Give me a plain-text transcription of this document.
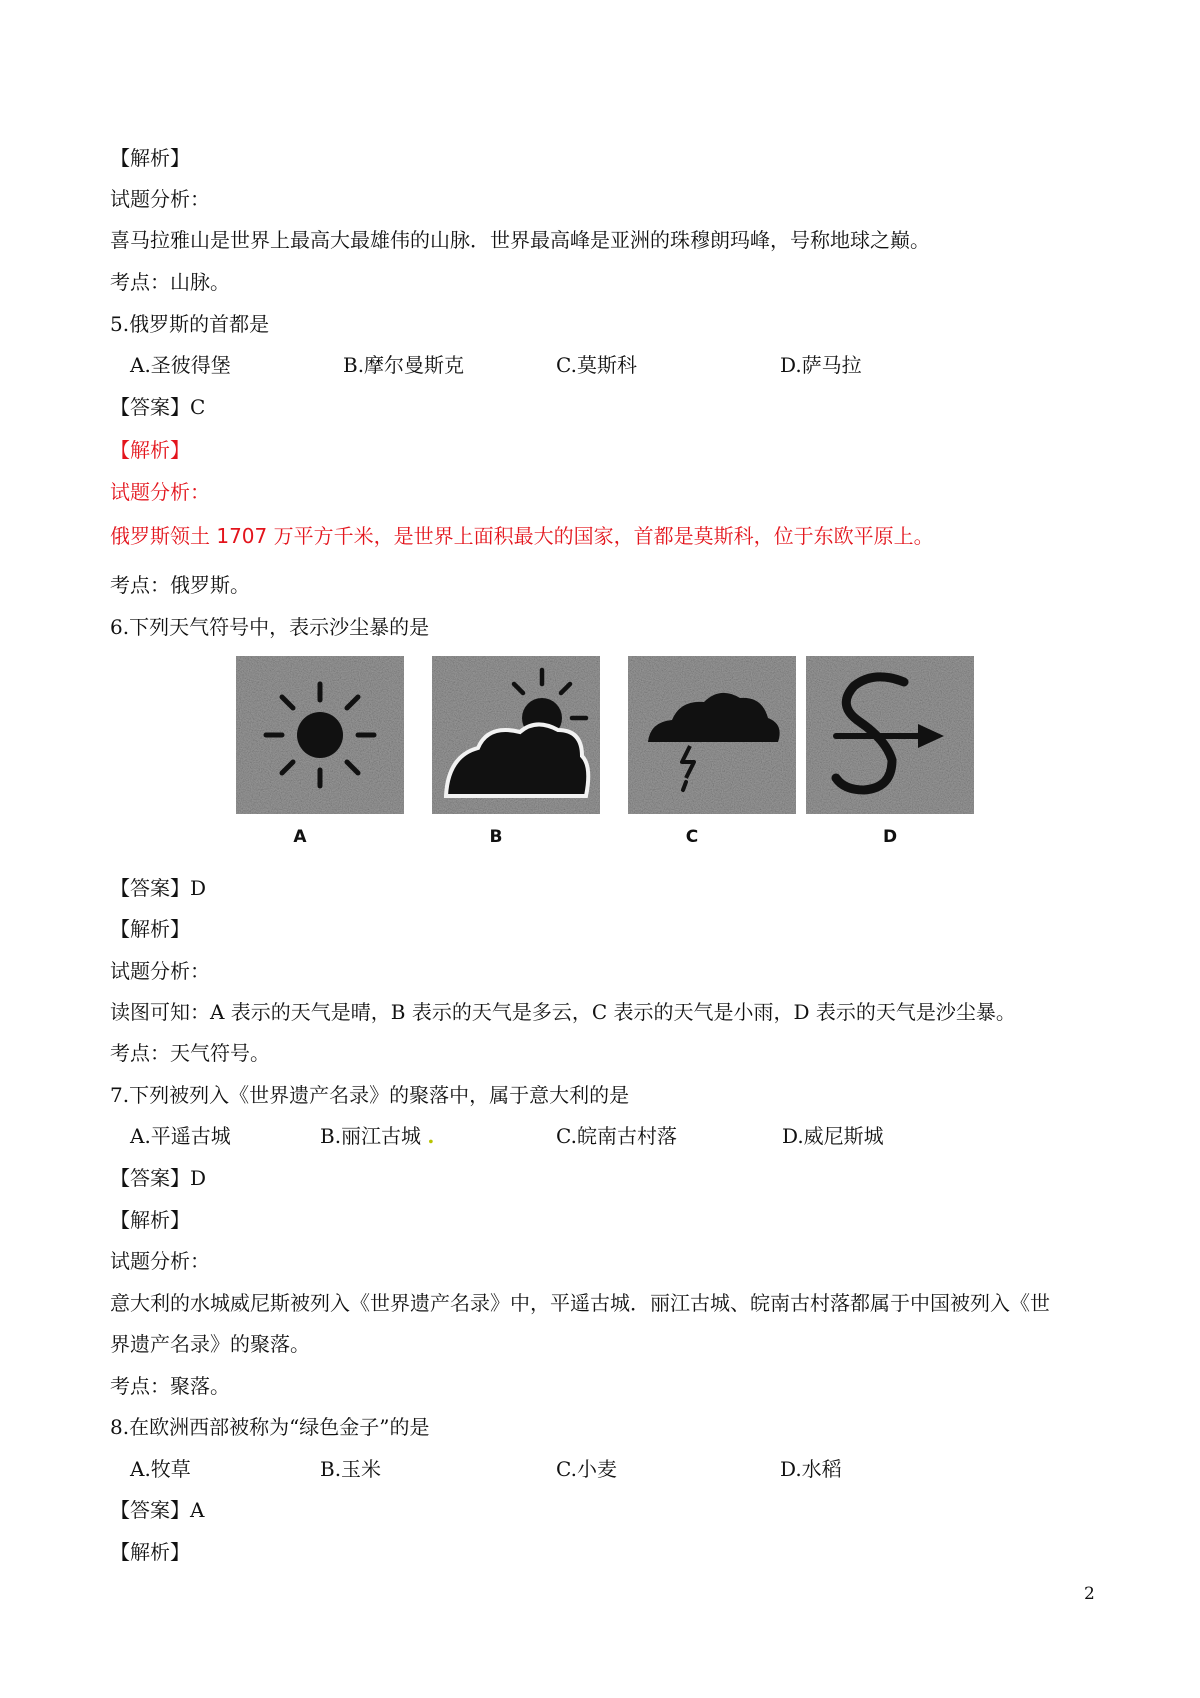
【解析】
试题分析：
喜马拉雅山是世界上最高大最雄伟的山脉．世界最高峰是亚洲的珠穆朗玛峰，号称地球之巅。
考点：山脉。
5.俄罗斯的首都是
A.圣彼得堡	B.摩尔曼斯克	C.莫斯科	D.萨马拉
【答案】C
【解析】
试题分析：
俄罗斯领土 1707 万平方千米，是世界上面积最大的国家，首都是莫斯科，位于东欧平原上。
考点：俄罗斯。
6.下列天气符号中，表示沙尘暴的是
A	B	C	D
【答案】D
【解析】
试题分析：
读图可知：A 表示的天气是晴，B 表示的天气是多云，C 表示的天气是小雨，D 表示的天气是沙尘暴。
考点：天气符号。
7.下列被列入《世界遗产名录》的聚落中，属于意大利的是
A.平遥古城	B.丽江古城 .	C.皖南古村落	D.威尼斯城
【答案】D
【解析】
试题分析：
意大利的水城威尼斯被列入《世界遗产名录》中，平遥古城．丽江古城、皖南古村落都属于中国被列入《世
界遗产名录》的聚落。
考点：聚落。
8.在欧洲西部被称为“绿色金子”的是
A.牧草	B.玉米	C.小麦	D.水稻
【答案】A
【解析】
2
